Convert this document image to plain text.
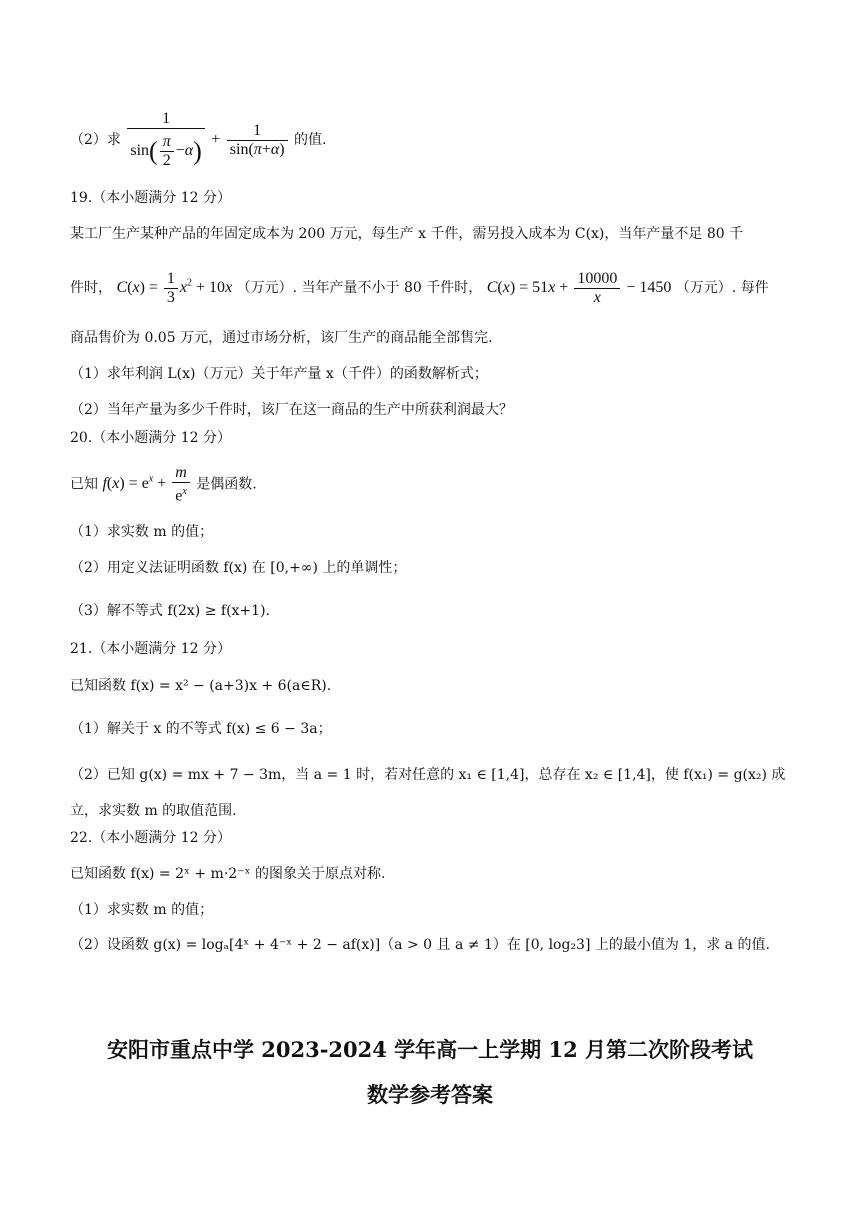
（2）求 $\frac{1}{\sin( \frac{\pi}{2} -\alpha)} + \frac{1}{\sin(\pi+\alpha)}$ 的值.
19.（本小题满分 12 分）
某工厂生产某种产品的年固定成本为 200 万元，每生产 x 千件，需另投入成本为 C(x)，当年产量不足 80 千
件时， $C(x) = \frac{1}{3} x^2 + 10x$ （万元）. 当年产量不小于 80 千件时， $C(x) = 51x + \frac{10000}{x} - 1450$ （万元）. 每件
商品售价为 0.05 万元，通过市场分析，该厂生产的商品能全部售完.
（1）求年利润 L(x)（万元）关于年产量 x（千件）的函数解析式；
（2）当年产量为多少千件时，该厂在这一商品的生产中所获利润最大？
20.（本小题满分 12 分）
已知 $f(x) = e^x + \frac{m}{e^x}$ 是偶函数.
（1）求实数 m 的值；
（2）用定义法证明函数 f(x) 在 [0,+∞) 上的单调性；
（3）解不等式 f(2x) ≥ f(x+1).
21.（本小题满分 12 分）
已知函数 f(x) = x² − (a+3)x + 6(a∈R).
（1）解关于 x 的不等式 f(x) ≤ 6 − 3a；
（2）已知 g(x) = mx + 7 − 3m，当 a = 1 时，若对任意的 x₁ ∈ [1,4]，总存在 x₂ ∈ [1,4]，使 f(x₁) = g(x₂) 成
立，求实数 m 的取值范围.
22.（本小题满分 12 分）
已知函数 f(x) = 2ˣ + m·2⁻ˣ 的图象关于原点对称.
（1）求实数 m 的值；
（2）设函数 g(x) = logₐ[4ˣ + 4⁻ˣ + 2 − af(x)]（a > 0 且 a ≠ 1）在 [0, log₂3] 上的最小值为 1，求 a 的值.
安阳市重点中学 2023-2024 学年高一上学期 12 月第二次阶段考试
数学参考答案
